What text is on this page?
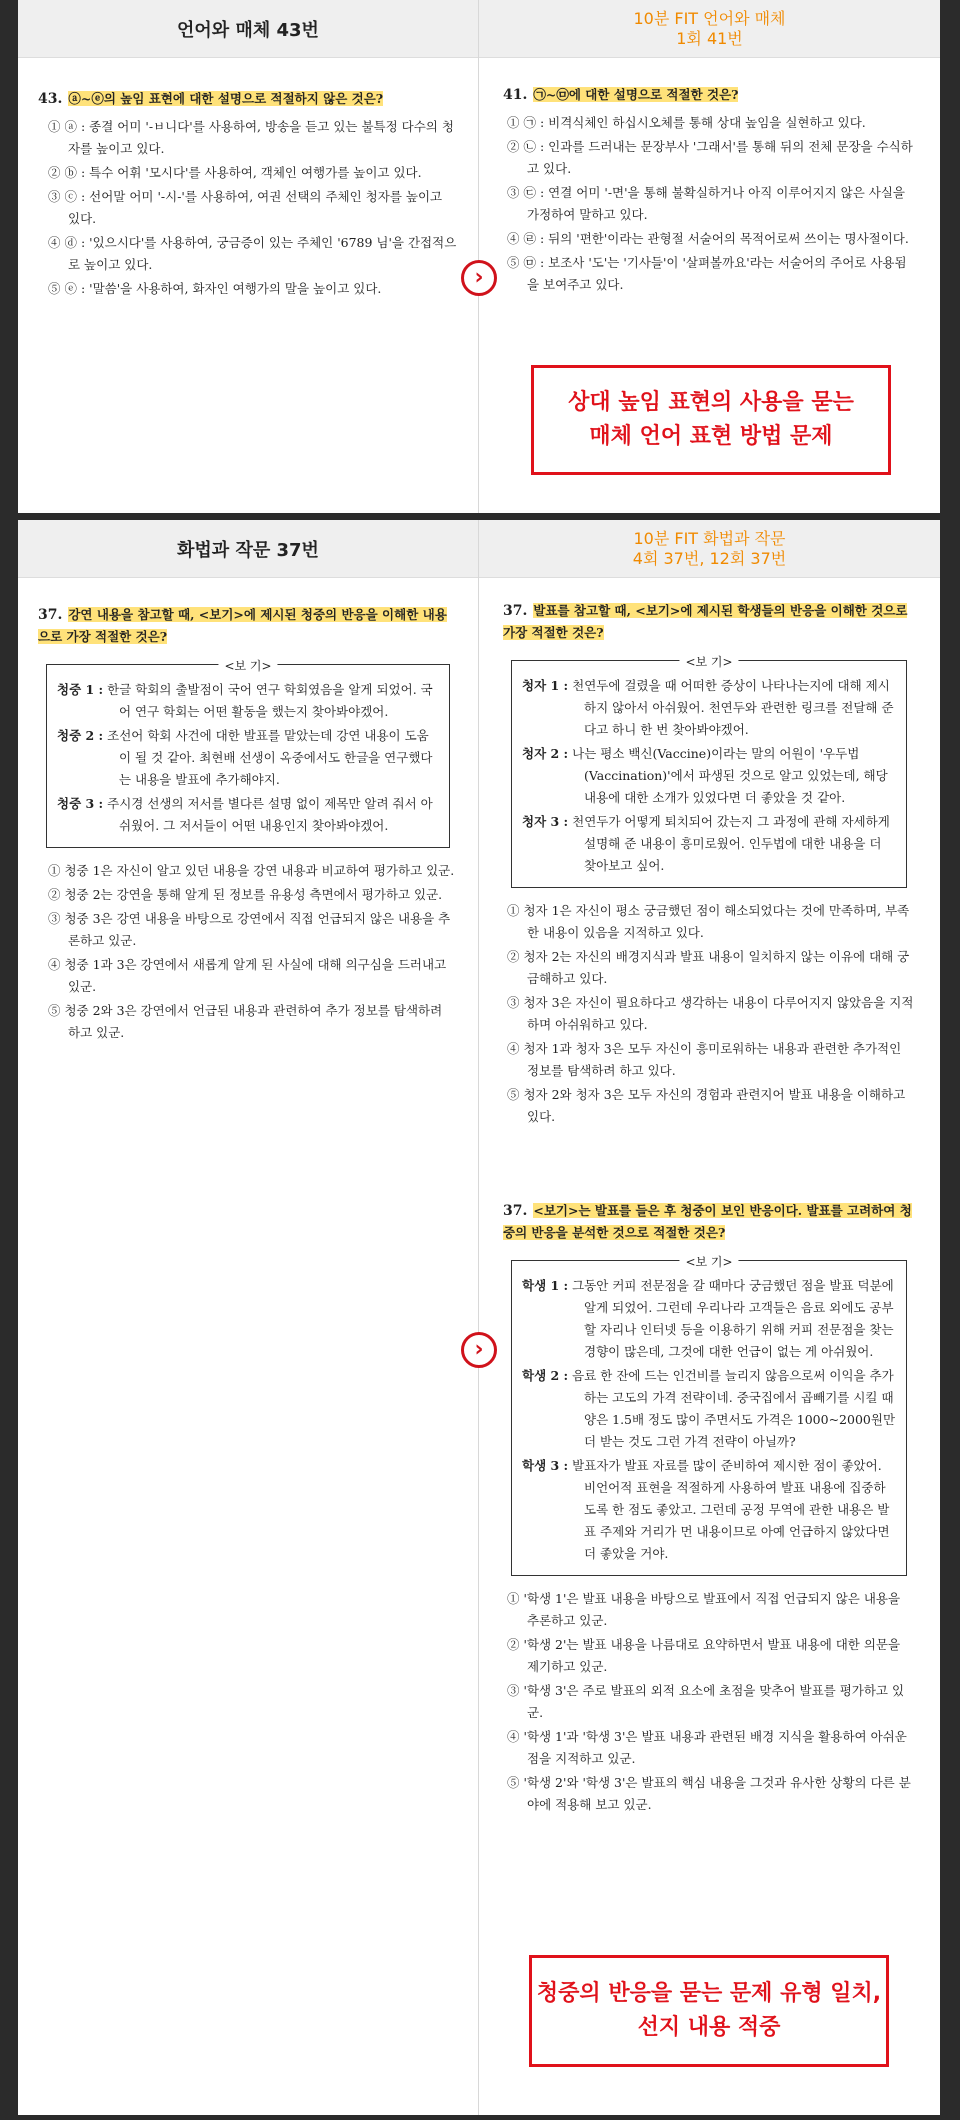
언어와 매체 43번
43. ⓐ~ⓔ의 높임 표현에 대한 설명으로 적절하지 않은 것은?
① ⓐ : 종결 어미 '-ㅂ니다'를 사용하여, 방송을 듣고 있는 불특정 다수의 청자를 높이고 있다.
② ⓑ : 특수 어휘 '모시다'를 사용하여, 객체인 여행가를 높이고 있다.
③ ⓒ : 선어말 어미 '-시-'를 사용하여, 여권 선택의 주체인 청자를 높이고 있다.
④ ⓓ : '있으시다'를 사용하여, 궁금증이 있는 주체인 '6789 님'을 간접적으로 높이고 있다.
⑤ ⓔ : '말씀'을 사용하여, 화자인 여행가의 말을 높이고 있다.
10분 FIT 언어와 매체
1회 41번
41. ㉠~㉤에 대한 설명으로 적절한 것은?
① ㉠ : 비격식체인 하십시오체를 통해 상대 높임을 실현하고 있다.
② ㉡ : 인과를 드러내는 문장부사 '그래서'를 통해 뒤의 전체 문장을 수식하고 있다.
③ ㉢ : 연결 어미 '-면'을 통해 불확실하거나 아직 이루어지지 않은 사실을 가정하여 말하고 있다.
④ ㉣ : 뒤의 '편한'이라는 관형절 서술어의 목적어로써 쓰이는 명사절이다.
⑤ ㉤ : 보조사 '도'는 '기사들'이 '살펴볼까요'라는 서술어의 주어로 사용됨을 보여주고 있다.
상대 높임 표현의 사용을 묻는
매체 언어 표현 방법 문제
›
화법과 작문 37번
37. 강연 내용을 참고할 때, <보기>에 제시된 청중의 반응을 이해한 내용으로 가장 적절한 것은?
<보 기>
청중 1 : 한글 학회의 출발점이 국어 연구 학회였음을 알게 되었어. 국어 연구 학회는 어떤 활동을 했는지 찾아봐야겠어.
청중 2 : 조선어 학회 사건에 대한 발표를 맡았는데 강연 내용이 도움이 될 것 같아. 최현배 선생이 옥중에서도 한글을 연구했다는 내용을 발표에 추가해야지.
청중 3 : 주시경 선생의 저서를 별다른 설명 없이 제목만 알려 줘서 아쉬웠어. 그 저서들이 어떤 내용인지 찾아봐야겠어.
① 청중 1은 자신이 알고 있던 내용을 강연 내용과 비교하여 평가하고 있군.
② 청중 2는 강연을 통해 알게 된 정보를 유용성 측면에서 평가하고 있군.
③ 청중 3은 강연 내용을 바탕으로 강연에서 직접 언급되지 않은 내용을 추론하고 있군.
④ 청중 1과 3은 강연에서 새롭게 알게 된 사실에 대해 의구심을 드러내고 있군.
⑤ 청중 2와 3은 강연에서 언급된 내용과 관련하여 추가 정보를 탐색하려 하고 있군.
10분 FIT 화법과 작문
4회 37번, 12회 37번
37. 발표를 참고할 때, <보기>에 제시된 학생들의 반응을 이해한 것으로 가장 적절한 것은?
<보 기>
청자 1 : 천연두에 걸렸을 때 어떠한 증상이 나타나는지에 대해 제시하지 않아서 아쉬웠어. 천연두와 관련한 링크를 전달해 준다고 하니 한 번 찾아봐야겠어.
청자 2 : 나는 평소 백신(Vaccine)이라는 말의 어원이 '우두법(Vaccination)'에서 파생된 것으로 알고 있었는데, 해당 내용에 대한 소개가 있었다면 더 좋았을 것 같아.
청자 3 : 천연두가 어떻게 퇴치되어 갔는지 그 과정에 관해 자세하게 설명해 준 내용이 흥미로웠어. 인두법에 대한 내용을 더 찾아보고 싶어.
① 청자 1은 자신이 평소 궁금했던 점이 해소되었다는 것에 만족하며, 부족한 내용이 있음을 지적하고 있다.
② 청자 2는 자신의 배경지식과 발표 내용이 일치하지 않는 이유에 대해 궁금해하고 있다.
③ 청자 3은 자신이 필요하다고 생각하는 내용이 다루어지지 않았음을 지적하며 아쉬워하고 있다.
④ 청자 1과 청자 3은 모두 자신이 흥미로워하는 내용과 관련한 추가적인 정보를 탐색하려 하고 있다.
⑤ 청자 2와 청자 3은 모두 자신의 경험과 관련지어 발표 내용을 이해하고 있다.
37. <보기>는 발표를 들은 후 청중이 보인 반응이다. 발표를 고려하여 청중의 반응을 분석한 것으로 적절한 것은?
<보 기>
학생 1 : 그동안 커피 전문점을 갈 때마다 궁금했던 점을 발표 덕분에 알게 되었어. 그런데 우리나라 고객들은 음료 외에도 공부할 자리나 인터넷 등을 이용하기 위해 커피 전문점을 찾는 경향이 많은데, 그것에 대한 언급이 없는 게 아쉬웠어.
학생 2 : 음료 한 잔에 드는 인건비를 늘리지 않음으로써 이익을 추가하는 고도의 가격 전략이네. 중국집에서 곱빼기를 시킬 때 양은 1.5배 정도 많이 주면서도 가격은 1000~2000원만 더 받는 것도 그런 가격 전략이 아닐까?
학생 3 : 발표자가 발표 자료를 많이 준비하여 제시한 점이 좋았어. 비언어적 표현을 적절하게 사용하여 발표 내용에 집중하도록 한 점도 좋았고. 그런데 공정 무역에 관한 내용은 발표 주제와 거리가 먼 내용이므로 아예 언급하지 않았다면 더 좋았을 거야.
① '학생 1'은 발표 내용을 바탕으로 발표에서 직접 언급되지 않은 내용을 추론하고 있군.
② '학생 2'는 발표 내용을 나름대로 요약하면서 발표 내용에 대한 의문을 제기하고 있군.
③ '학생 3'은 주로 발표의 외적 요소에 초점을 맞추어 발표를 평가하고 있군.
④ '학생 1'과 '학생 3'은 발표 내용과 관련된 배경 지식을 활용하여 아쉬운 점을 지적하고 있군.
⑤ '학생 2'와 '학생 3'은 발표의 핵심 내용을 그것과 유사한 상황의 다른 분야에 적용해 보고 있군.
청중의 반응을 묻는 문제 유형 일치,
선지 내용 적중
›
